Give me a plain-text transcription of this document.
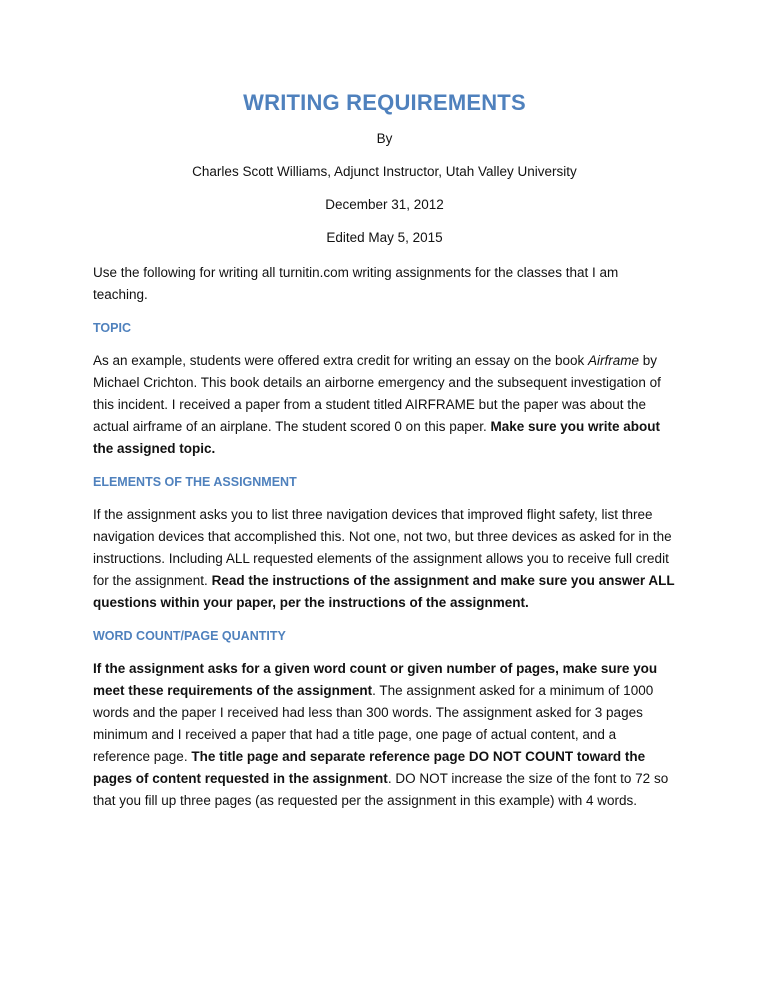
WRITING REQUIREMENTS
By
Charles Scott Williams, Adjunct Instructor, Utah Valley University
December 31, 2012
Edited May 5, 2015

Use the following for writing all turnitin.com writing assignments for the classes that I am teaching.

TOPIC

As an example, students were offered extra credit for writing an essay on the book Airframe by Michael Crichton. This book details an airborne emergency and the subsequent investigation of this incident. I received a paper from a student titled AIRFRAME but the paper was about the actual airframe of an airplane. The student scored 0 on this paper. Make sure you write about the assigned topic.

ELEMENTS OF THE ASSIGNMENT

If the assignment asks you to list three navigation devices that improved flight safety, list three navigation devices that accomplished this. Not one, not two, but three devices as asked for in the instructions. Including ALL requested elements of the assignment allows you to receive full credit for the assignment. Read the instructions of the assignment and make sure you answer ALL questions within your paper, per the instructions of the assignment.

WORD COUNT/PAGE QUANTITY

If the assignment asks for a given word count or given number of pages, make sure you meet these requirements of the assignment. The assignment asked for a minimum of 1000 words and the paper I received had less than 300 words. The assignment asked for 3 pages minimum and I received a paper that had a title page, one page of actual content, and a reference page. The title page and separate reference page DO NOT COUNT toward the pages of content requested in the assignment. DO NOT increase the size of the font to 72 so that you fill up three pages (as requested per the assignment in this example) with 4 words.
